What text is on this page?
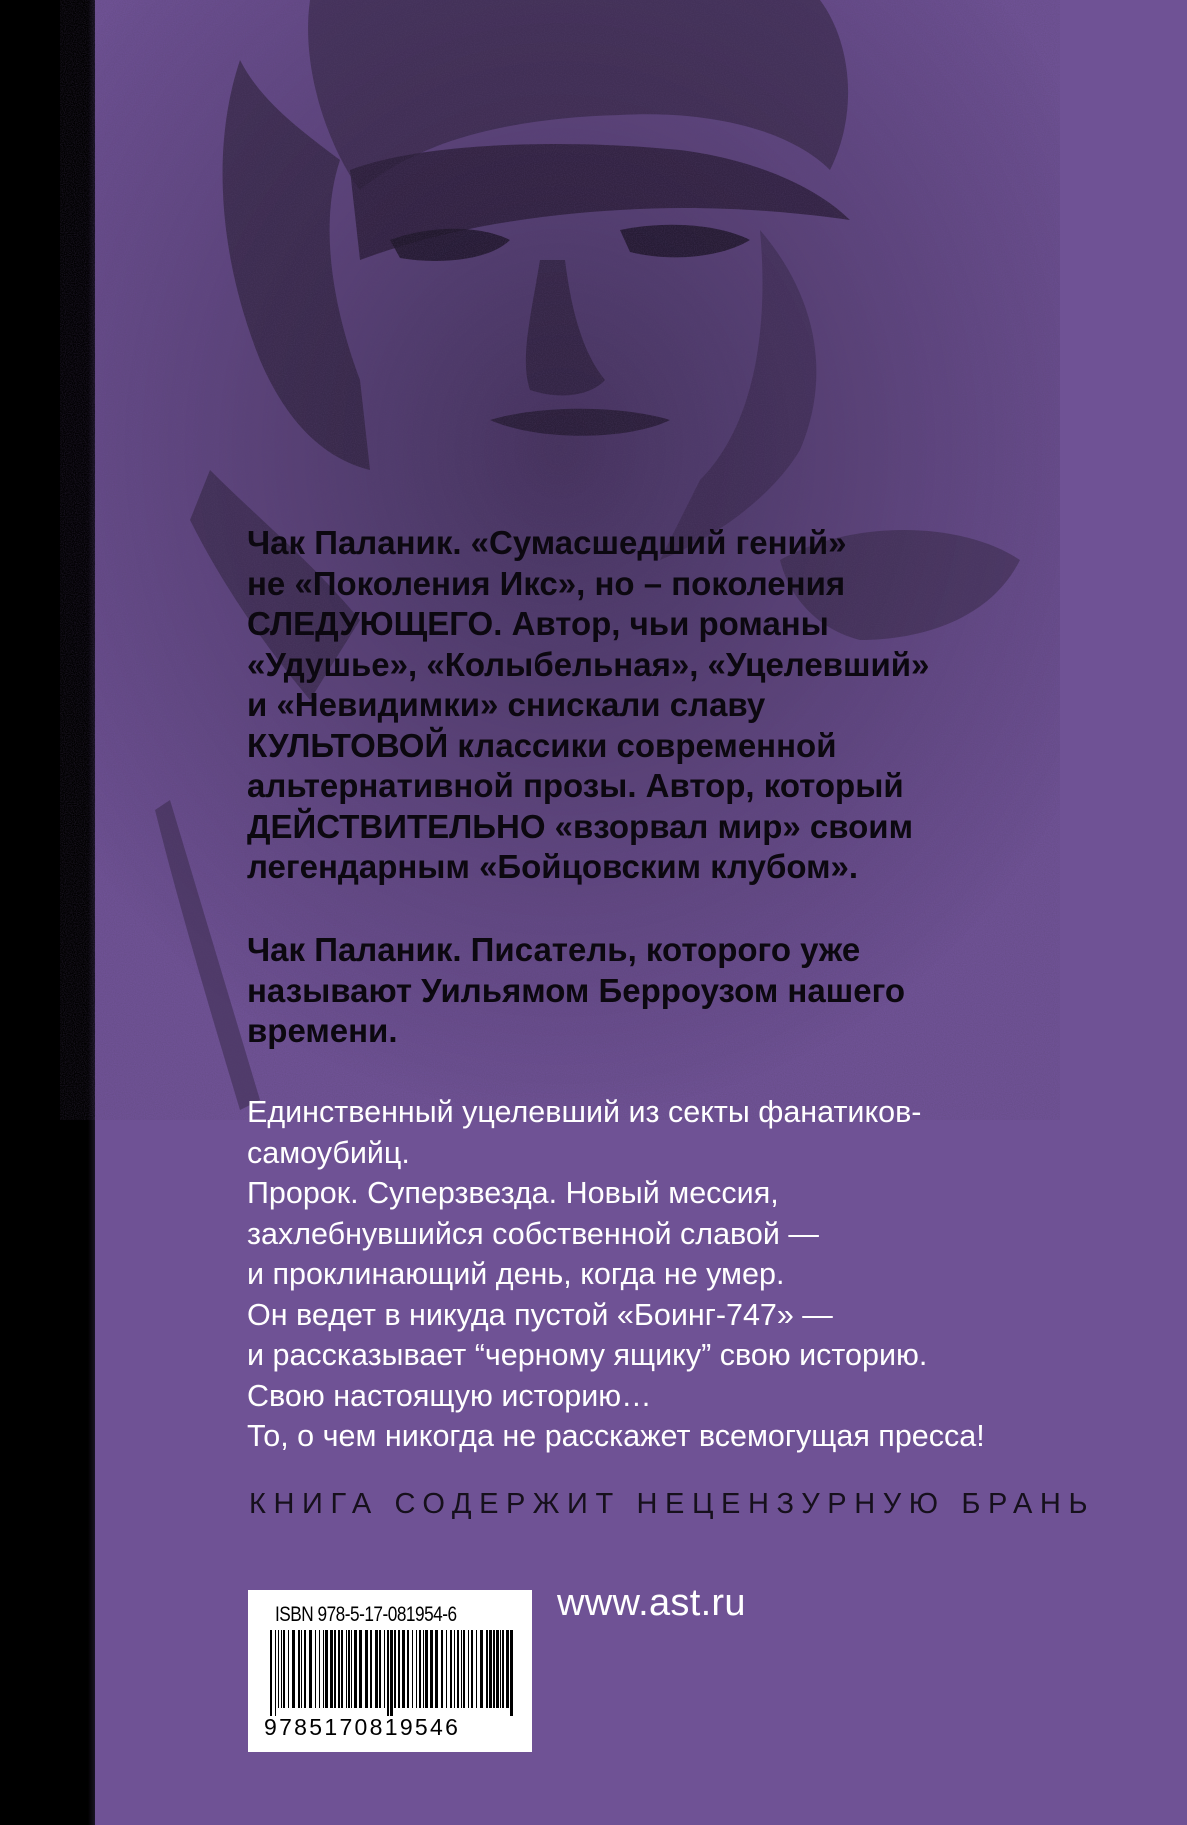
Чак Паланик. «Сумасшедший гений»
не «Поколения Икс», но – поколения
СЛЕДУЮЩЕГО. Автор, чьи романы
«Удушье», «Колыбельная», «Уцелевший»
и «Невидимки» снискали славу
КУЛЬТОВОЙ классики современной
альтернативной прозы. Автор, который
ДЕЙСТВИТЕЛЬНО «взорвал мир» своим
легендарным «Бойцовским клубом».

Чак Паланик. Писатель, которого уже
называют Уильямом Берроузом нашего
времени.

Единственный уцелевший из секты фанатиков-
самоубийц.
Пророк. Суперзвезда. Новый мессия,
захлебнувшийся собственной славой —
и проклинающий день, когда не умер.
Он ведет в никуда пустой «Боинг-747» —
и рассказывает “черному ящику” свою историю.
Свою настоящую историю…
То, о чем никогда не расскажет всемогущая пресса!

КНИГА СОДЕРЖИТ НЕЦЕНЗУРНУЮ БРАНЬ
ISBN 978-5-17-081954-6
9785170819546
www.ast.ru
